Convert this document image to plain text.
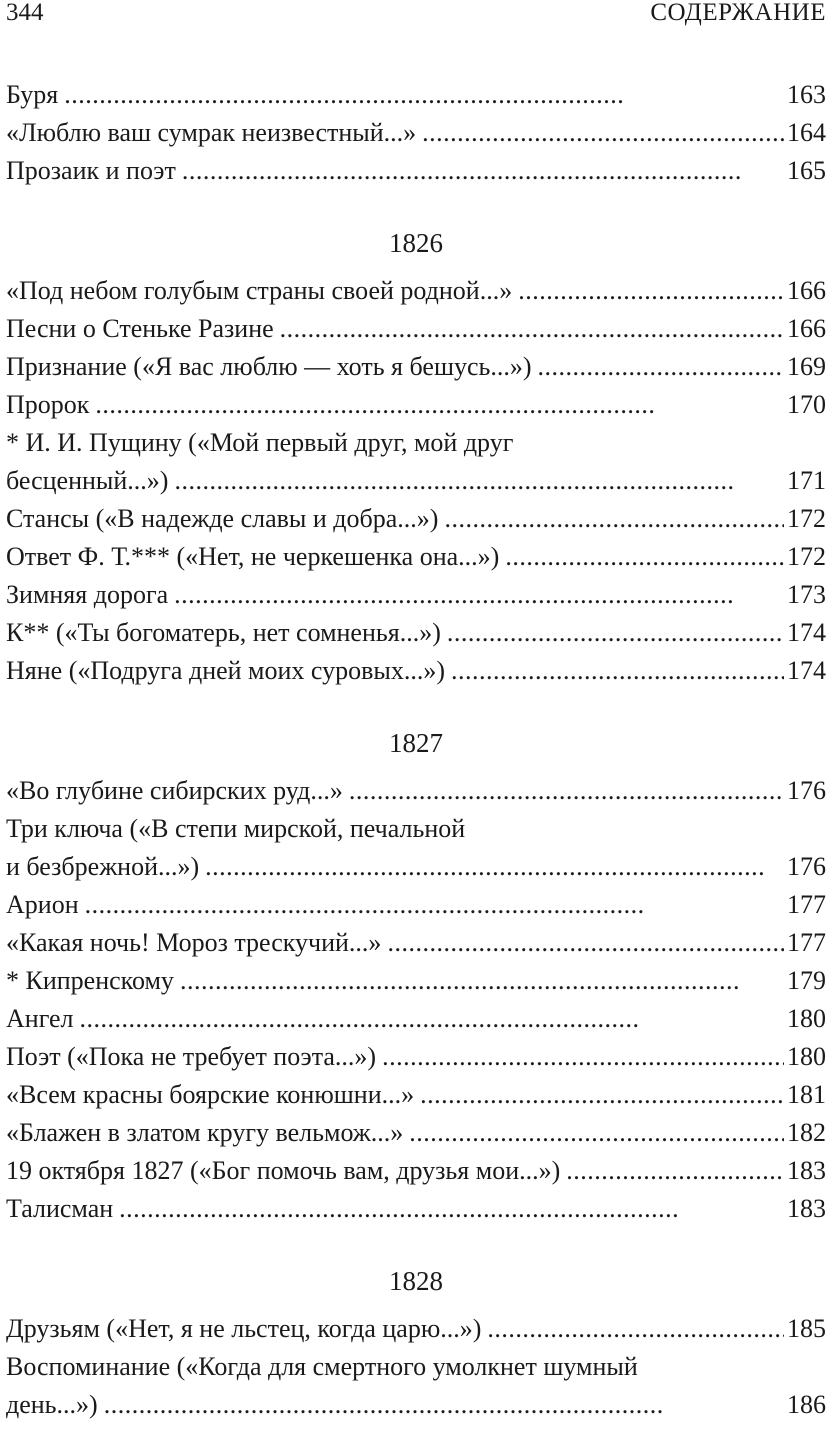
344	СОДЕРЖАНИЕ
Буря . . .	163
«Люблю ваш сумрак неизвестный...» . . .	164
Прозаик и поэт . . .	165
1826
«Под небом голубым страны своей родной...» . . .	166
Песни о Стеньке Разине . . .	166
Признание («Я вас люблю — хоть я бешусь...») . . .	169
Пророк . . .	170
* И. И. Пущину («Мой первый друг, мой друг
бесценный...») . . .	171
Стансы («В надежде славы и добра...») . . .	172
Ответ Ф. Т.*** («Нет, не черкешенка она...») . . .	172
Зимняя дорога . . .	173
К** («Ты богоматерь, нет сомненья...») . . .	174
Няне («Подруга дней моих суровых...») . . .	174
1827
«Во глубине сибирских руд...» . . .	176
Три ключа («В степи мирской, печальной
и безбрежной...») . . .	176
Арион . . .	177
«Какая ночь! Мороз трескучий...» . . .	177
* Кипренскому . . .	179
Ангел . . .	180
Поэт («Пока не требует поэта...») . . .	180
«Всем красны боярские конюшни...» . . .	181
«Блажен в златом кругу вельмож...» . . .	182
19 октября 1827 («Бог помочь вам, друзья мои...») . . .	183
Талисман . . .	183
1828
Друзьям («Нет, я не льстец, когда царю...») . . .	185
Воспоминание («Когда для смертного умолкнет шумный
день...») . . .	186
